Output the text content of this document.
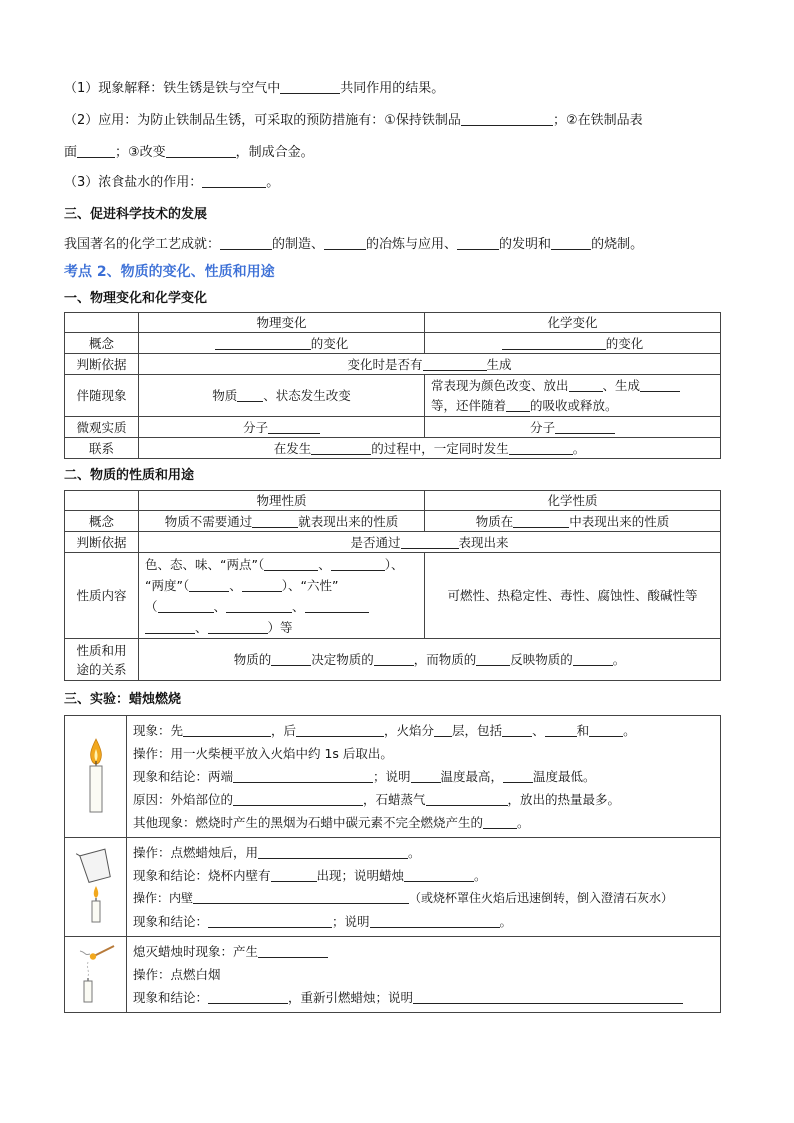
（1）现象解释：铁生锈是铁与空气中	共同作用的结果。

（2）应用：为防止铁制品生锈，可采取的预防措施有：①保持铁制品	；②在铁制品表

面	；③改变	，制成合金。

（3）浓食盐水的作用：	。

三、促进科学技术的发展

我国著名的化学工艺成就：	的制造、	的冶炼与应用、	的发明和	的烧制。

考点 2、物质的变化、性质和用途

一、物理变化和化学变化

	物理变化	化学变化
概念	的变化	的变化
判断依据	变化时是否有 生成	
伴随现象	物质 、状态发生改变	常表现为颜色改变、放出 、生成
等，还伴随着 的吸收或释放。

微观实质	分子	分子
联系	在发生 的过程中，一定同时发生 。	

二、物质的性质和用途

	物理性质	化学性质
概念	物质不需要通过 就表现出来的性质	物质在 中表现出来的性质
判断依据	是否通过 表现出来	
性质内容	色、态、味、“两点”（ 、 ）、
“两度”（ 、 ）、“六性”
（ 、 、
、 ）等	可燃性、热稳定性、毒性、腐蚀性、酸碱性等

性质和用
途的关系	物质的 决定物质的 ，而物质的 反映物质的 。	

三、实验：蜡烛燃烧

现象：先 ，后 ，火焰分 层，包括 、 和 。
操作：用一火柴梗平放入火焰中约 1s 后取出。
现象和结论：两端 ；说明 温度最高， 温度最低。
原因：外焰部位的 ，石蜡蒸气 ，放出的热量最多。
其他现象：燃烧时产生的黑烟为石蜡中碳元素不完全燃烧产生的 。

操作：点燃蜡烛后，用 。
现象和结论：烧杯内壁有 出现；说明蜡烛 。
操作：内壁 （或烧杯罩住火焰后迅速倒转，倒入澄清石灰水）
现象和结论： ；说明 。

熄灭蜡烛时现象：产生
操作：点燃白烟
现象和结论： ，重新引燃蜡烛；说明
